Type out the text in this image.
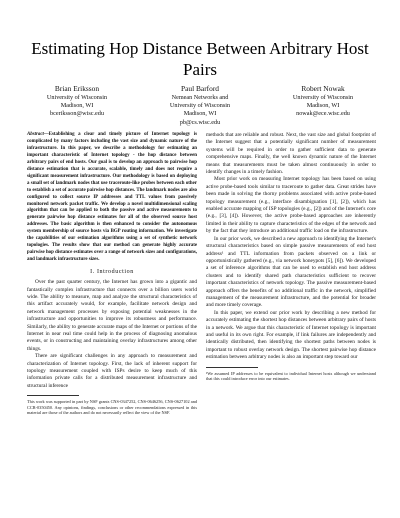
Estimating Hop Distance Between Arbitrary Host Pairs
Brian Eriksson
University of Wisconsin
Madison, WI
bceriksson@wisc.edu
Paul Barford
Nemean Networks and
University of Wisconsin
Madison, WI
pb@cs.wisc.edu
Robert Nowak
University of Wisconsin
Madison, WI
nowak@ece.wisc.edu

Abstract—Establishing a clear and timely picture of Internet topology is complicated by many factors including the vast size and dynamic nature of the infrastructure. In this paper, we describe a methodology for estimating an important characteristic of Internet topology - the hop distance between arbitrary pairs of end hosts. Our goal is to develop an approach to pairwise hop distance estimation that is accurate, scalable, timely and does not require a significant measurement infrastructure. Our methodology is based on deploying a small set of landmark nodes that use traceroute-like probes between each other to establish a set of accurate pairwise hop distances. The landmark nodes are also configured to collect source IP addresses and TTL values from passively monitored network packet traffic. We develop a novel multidimensional scaling algorithm that can be applied to both the passive and active measurements to generate pairwise hop distance estimates for all of the observed source host addresses. The basic algorithm is then enhanced to consider the autonomous system membership of source hosts via BGP routing information. We investigate the capabilities of our estimation algorithms using a set of synthetic network topologies. The results show that our method can generate highly accurate pairwise hop distance estimates over a range of network sizes and configurations, and landmark infrastructure sizes.

I. Introduction

Over the past quarter century, the Internet has grown into a gigantic and fantastically complex infrastructure that connects over a billion users world wide. The ability to measure, map and analyze the structural characteristics of this artifact accurately would, for example, facilitate network design and network management processes by exposing potential weaknesses in the infrastructure and opportunities to improve its robustness and performance. Similarly, the ability to generate accurate maps of the Internet or portions of the Internet in near real time could help in the process of diagnosing anomalous events, or in constructing and maintaining overlay infrastructures among other things.

There are significant challenges in any approach to measurement and characterization of Internet topology. First, the lack of inherent support for topology measurement coupled with ISPs desire to keep much of this information private calls for a distributed measurement infrastructure and structural inference

This work was supported in part by NSF grants CNS-0347252, CNS-0646256, CNS-0627102 and CCR-0350450. Any opinions, findings, conclusions or other recommendations expressed in this material are those of the authors and do not necessarily reflect the view of the NSF.

methods that are reliable and robust. Next, the vast size and global footprint of the Internet suggest that a potentially significant number of measurement systems will be required in order to gather sufficient data to generate comprehensive maps. Finally, the well known dynamic nature of the Internet means that measurements must be taken almost continuously in order to identify changes in a timely fashion.

Most prior work on measuring Internet topology has been based on using active probe-based tools similar to traceroute to gather data. Great strides have been made in solving the thorny problems associated with active probe-based topology measurement (e.g., interface disambiguation [1], [2]), which has enabled accurate mapping of ISP topologies (e.g., [2]) and of the Internet's core (e.g., [3], [4]). However, the active probe-based approaches are inherently limited in their ability to capture characteristics of the edges of the network and by the fact that they introduce an additional traffic load on the infrastructure.

In our prior work, we described a new approach to identifying the Internet's structural characteristics based on simple passive measurements of end host address¹ and TTL information from packets observed on a link or opportunistically gathered (e.g., via network honeypots [5], [6]). We developed a set of inference algorithms that can be used to establish end host address clusters and to identify shared path characteristics sufficient to recover important characteristics of network topology. The passive measurement-based approach offers the benefits of no additional traffic in the network, simplified management of the measurement infrastructure, and the potential for broader and more timely coverage.

In this paper, we extend our prior work by describing a new method for accurately estimating the shortest hop distances between arbitrary pairs of hosts in a network. We argue that this characteristic of Internet topology is important and useful in its own right. For example, if link failures are independently and identically distributed, then identifying the shortest paths between nodes is important to robust overlay network design. The shortest pairwise hop distance estimation between arbitrary nodes is also an important step toward our

¹We assumed IP addresses to be equivalent to individual Internet hosts although we understand that this could introduce error into our estimates.
